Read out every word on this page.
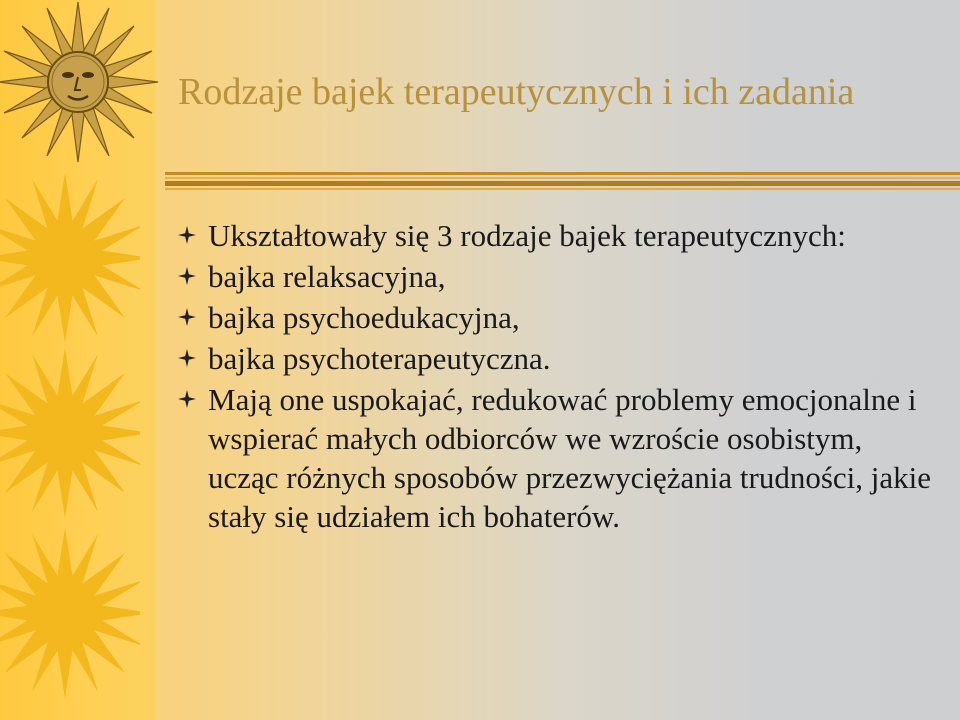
Rodzaje bajek terapeutycznych i ich zadania

Ukształtowały się 3 rodzaje bajek terapeutycznych:

bajka relaksacyjna,

bajka psychoedukacyjna,

bajka psychoterapeutyczna.

Mają one uspokajać, redukować problemy emocjonalne i wspierać małych odbiorców we wzroście osobistym, ucząc różnych sposobów przezwyciężania trudności, jakie stały się udziałem ich bohaterów.
